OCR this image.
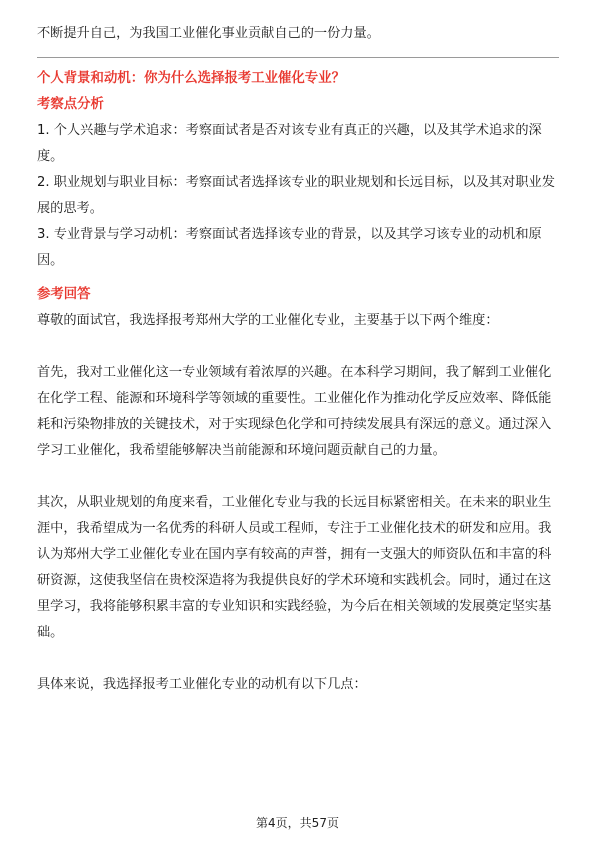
不断提升自己，为我国工业催化事业贡献自己的一份力量。

个人背景和动机：你为什么选择报考工业催化专业？

考察点分析

1. 个人兴趣与学术追求：考察面试者是否对该专业有真正的兴趣，以及其学术追求的深度。

2. 职业规划与职业目标：考察面试者选择该专业的职业规划和长远目标，以及其对职业发展的思考。

3. 专业背景与学习动机：考察面试者选择该专业的背景，以及其学习该专业的动机和原因。

参考回答

尊敬的面试官，我选择报考郑州大学的工业催化专业，主要基于以下两个维度：

首先，我对工业催化这一专业领域有着浓厚的兴趣。在本科学习期间，我了解到工业催化在化学工程、能源和环境科学等领域的重要性。工业催化作为推动化学反应效率、降低能耗和污染物排放的关键技术，对于实现绿色化学和可持续发展具有深远的意义。通过深入学习工业催化，我希望能够解决当前能源和环境问题贡献自己的力量。

其次，从职业规划的角度来看，工业催化专业与我的长远目标紧密相关。在未来的职业生涯中，我希望成为一名优秀的科研人员或工程师，专注于工业催化技术的研发和应用。我认为郑州大学工业催化专业在国内享有较高的声誉，拥有一支强大的师资队伍和丰富的科研资源，这使我坚信在贵校深造将为我提供良好的学术环境和实践机会。同时，通过在这里学习，我将能够积累丰富的专业知识和实践经验，为今后在相关领域的发展奠定坚实基础。

具体来说，我选择报考工业催化专业的动机有以下几点：

第4页，共57页
